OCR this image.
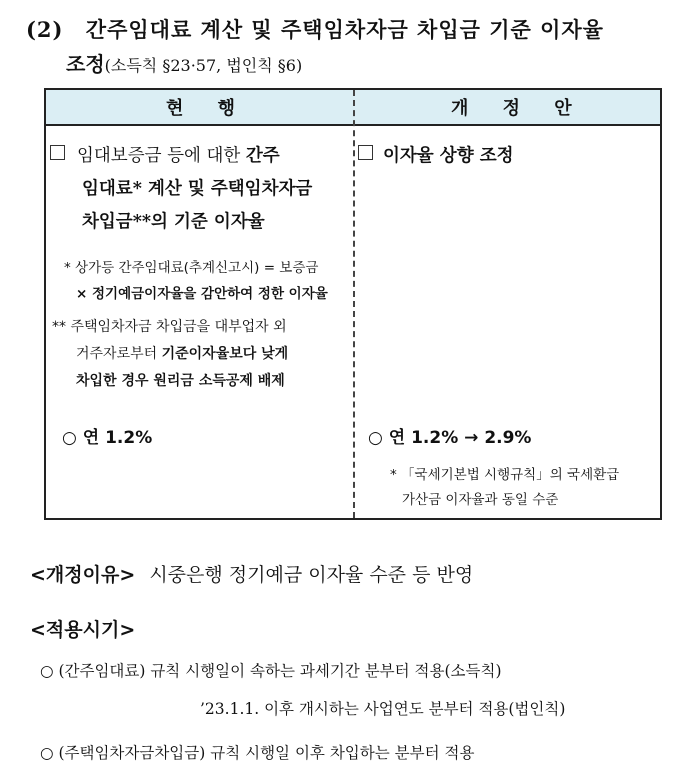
(2) 간주임대료 계산 및 주택임차자금 차입금 기준 이자율
조정(소득칙 §23·57, 법인칙 §6)
현 행	개 정 안
임대보증금 등에 대한 간주
임대료* 계산 및 주택임차자금
차입금**의 기준 이자율
* 상가등 간주임대료(추계신고시) = 보증금
× 정기예금이자율을 감안하여 정한 이자율
** 주택임차자금 차입금을 대부업자 외
거주자로부터 기준이자율보다 낮게
차입한 경우 원리금 소득공제 배제
○ 연 1.2%
이자율 상향 조정
○ 연 1.2% → 2.9%
* 「국세기본법 시행규칙」의 국세환급
가산금 이자율과 동일 수준
<개정이유> 시중은행 정기예금 이자율 수준 등 반영
<적용시기>
○ (간주임대료) 규칙 시행일이 속하는 과세기간 분부터 적용(소득칙)
’23.1.1. 이후 개시하는 사업연도 분부터 적용(법인칙)
○ (주택임차자금차입금) 규칙 시행일 이후 차입하는 분부터 적용
